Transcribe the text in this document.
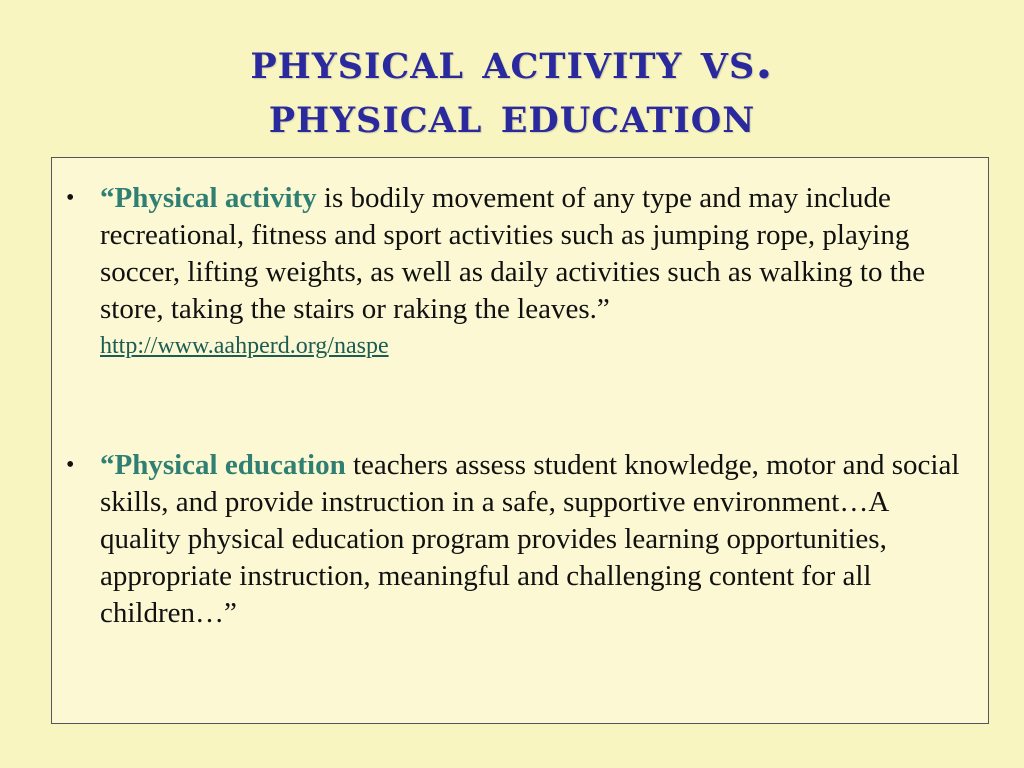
physical activity vs.
physical education
• “Physical activity is bodily movement of any type and may include recreational, fitness and sport activities such as jumping rope, playing soccer, lifting weights, as well as daily activities such as walking to the store, taking the stairs or raking the leaves.”
http://www.aahperd.org/naspe
• “Physical education teachers assess student knowledge, motor and social skills, and provide instruction in a safe, supportive environment…A quality physical education program provides learning opportunities, appropriate instruction, meaningful and challenging content for all children…”
